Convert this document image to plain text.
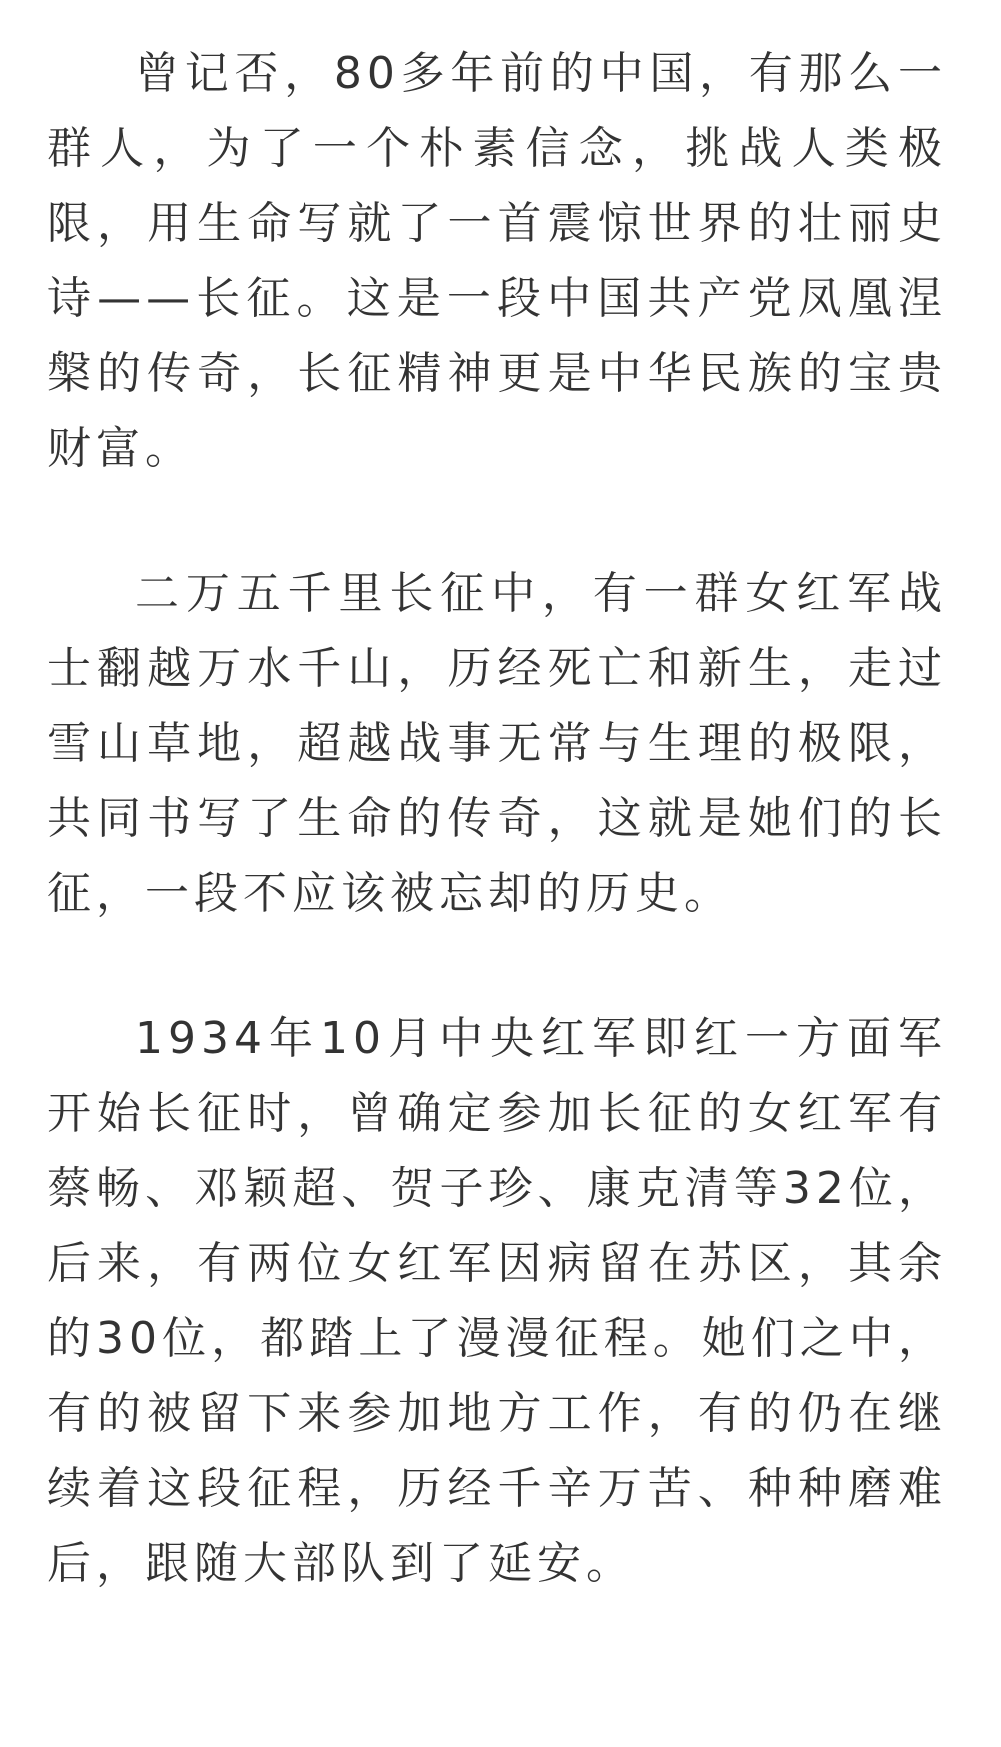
曾记否，80多年前的中国，有那么一群人，为了一个朴素信念，挑战人类极限，用生命写就了一首震惊世界的壮丽史诗——长征。这是一段中国共产党凤凰涅槃的传奇，长征精神更是中华民族的宝贵财富。

二万五千里长征中，有一群女红军战士翻越万水千山，历经死亡和新生，走过雪山草地，超越战事无常与生理的极限，共同书写了生命的传奇，这就是她们的长征，一段不应该被忘却的历史。

1934年10月中央红军即红一方面军开始长征时，曾确定参加长征的女红军有蔡畅、邓颖超、贺子珍、康克清等32位，后来，有两位女红军因病留在苏区，其余的30位，都踏上了漫漫征程。她们之中，有的被留下来参加地方工作，有的仍在继续着这段征程，历经千辛万苦、种种磨难后，跟随大部队到了延安。
